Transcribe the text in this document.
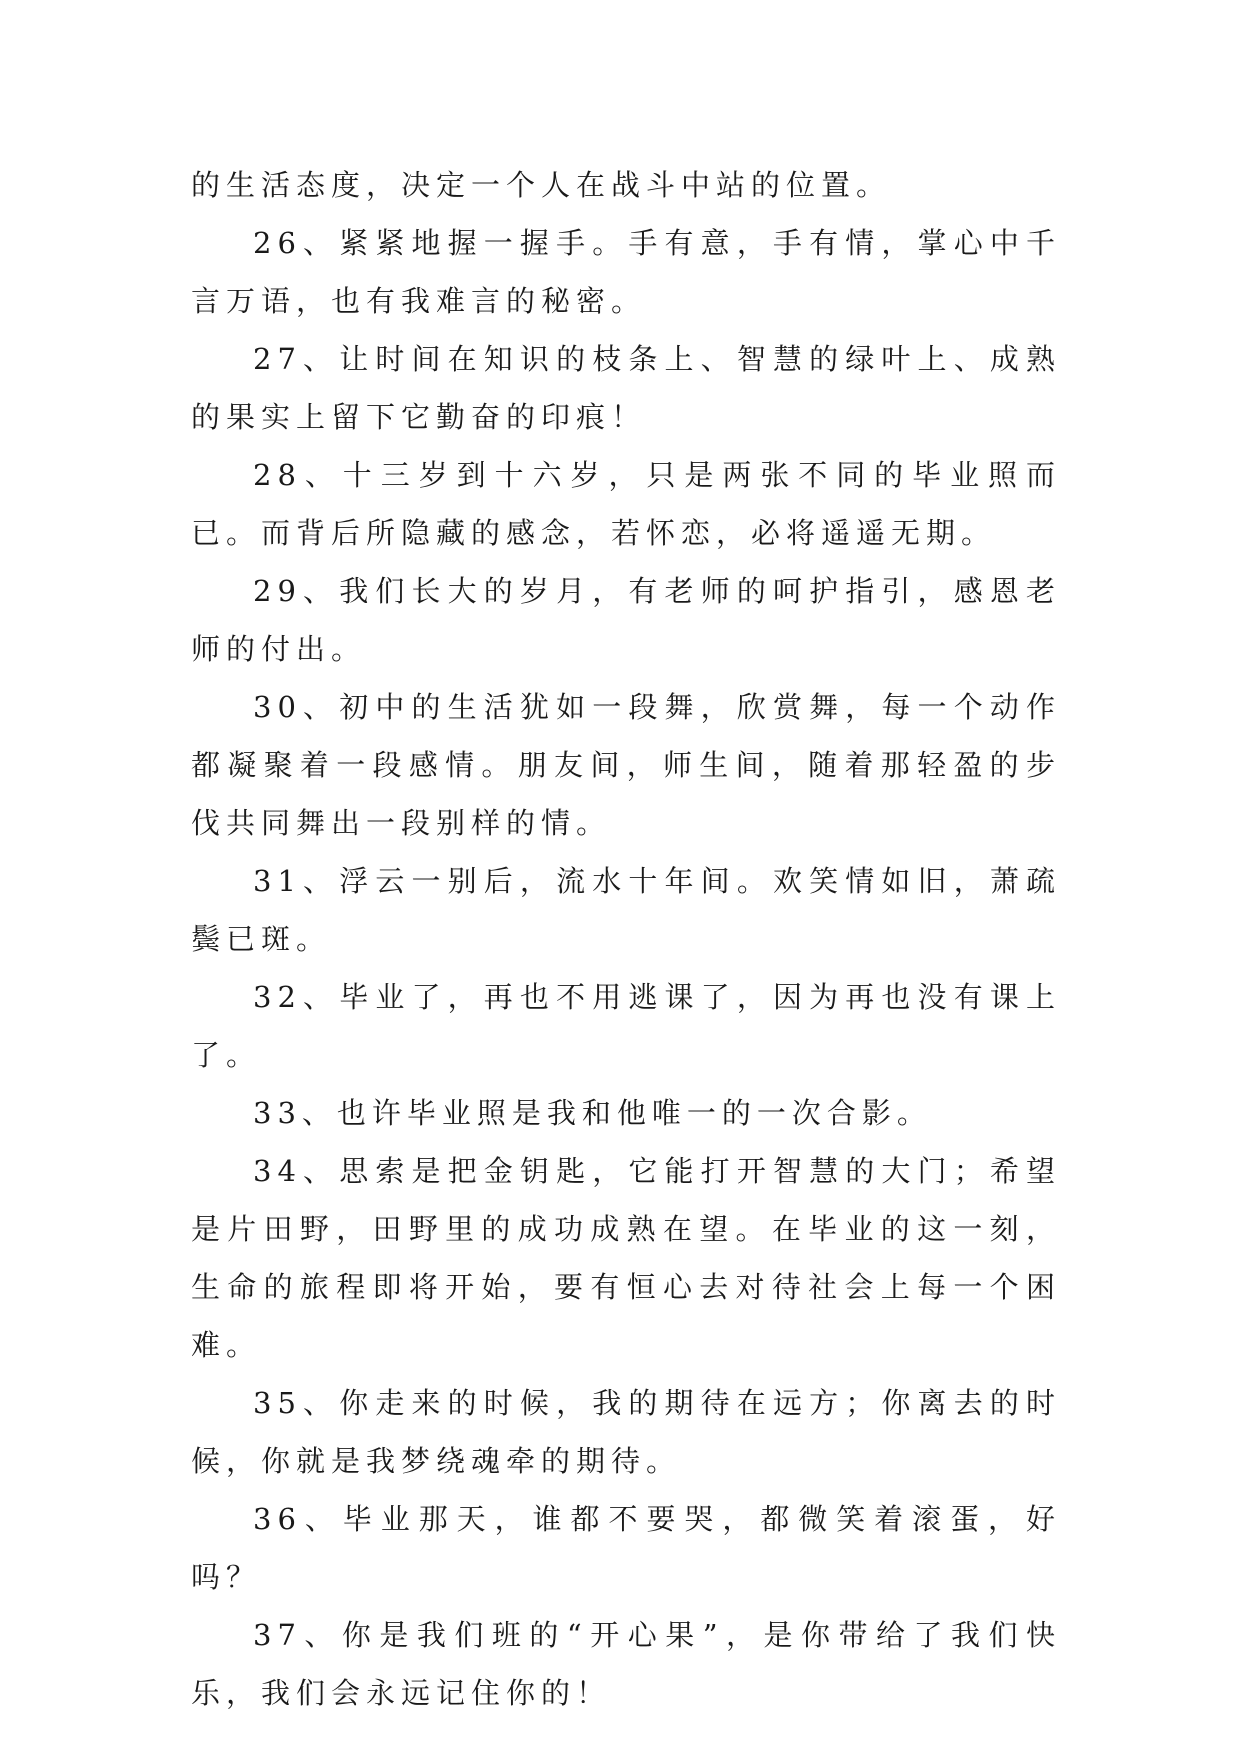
的生活态度，决定一个人在战斗中站的位置。

26、紧紧地握一握手。手有意，手有情，掌心中千言万语，也有我难言的秘密。

27、让时间在知识的枝条上、智慧的绿叶上、成熟的果实上留下它勤奋的印痕！

28、十三岁到十六岁，只是两张不同的毕业照而已。而背后所隐藏的感念，若怀恋，必将遥遥无期。

29、我们长大的岁月，有老师的呵护指引，感恩老师的付出。

30、初中的生活犹如一段舞，欣赏舞，每一个动作都凝聚着一段感情。朋友间，师生间，随着那轻盈的步伐共同舞出一段别样的情。

31、浮云一别后，流水十年间。欢笑情如旧，萧疏鬓已斑。

32、毕业了，再也不用逃课了，因为再也没有课上了。

33、也许毕业照是我和他唯一的一次合影。

34、思索是把金钥匙，它能打开智慧的大门；希望是片田野，田野里的成功成熟在望。在毕业的这一刻，生命的旅程即将开始，要有恒心去对待社会上每一个困难。

35、你走来的时候，我的期待在远方；你离去的时候，你就是我梦绕魂牵的期待。

36、毕业那天，谁都不要哭，都微笑着滚蛋，好吗？

37、你是我们班的“开心果”，是你带给了我们快乐，我们会永远记住你的！
